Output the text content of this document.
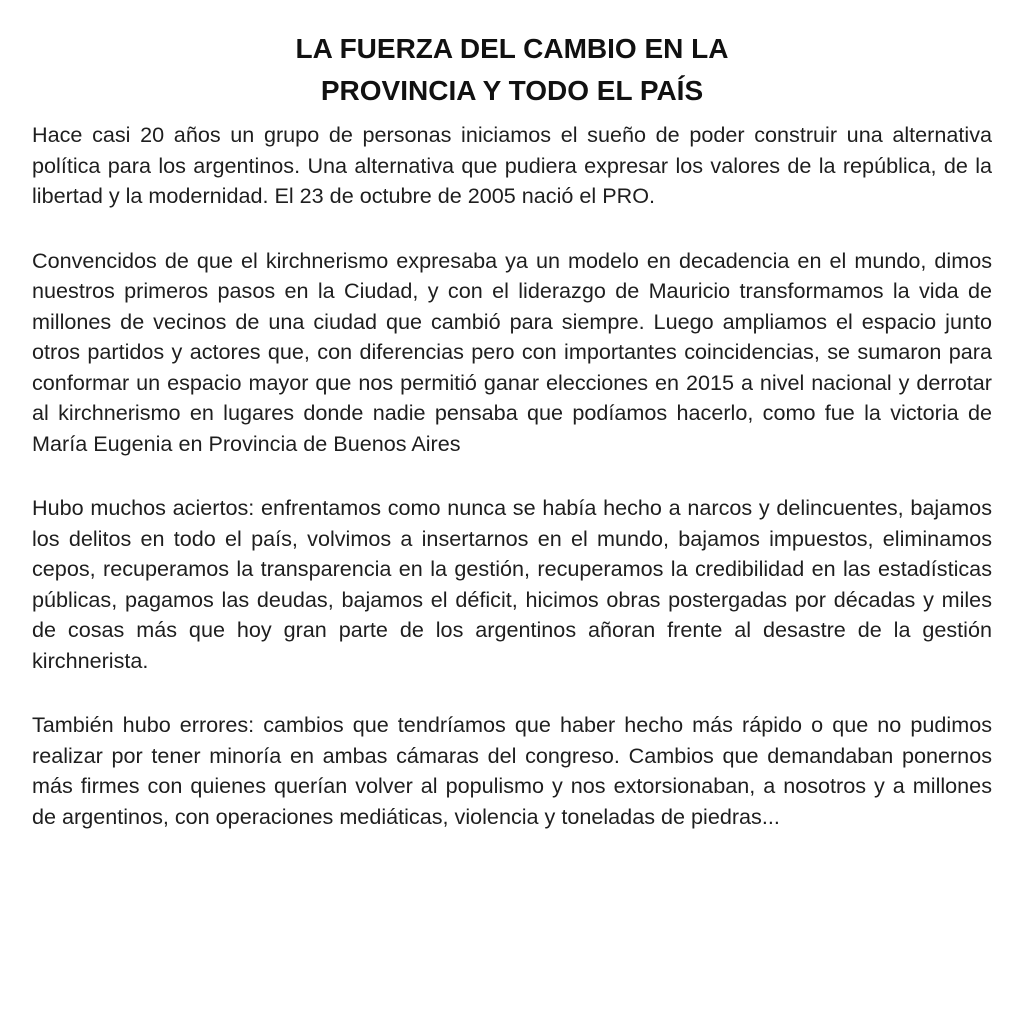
LA FUERZA DEL CAMBIO EN LA
PROVINCIA Y TODO EL PAÍS

Hace casi 20 años un grupo de personas iniciamos el sueño de poder construir una alternativa política para los argentinos. Una alternativa que pudiera expresar los valores de la república, de la libertad y la modernidad. El 23 de octubre de 2005 nació el PRO.

Convencidos de que el kirchnerismo expresaba ya un modelo en decadencia en el mundo, dimos nuestros primeros pasos en la Ciudad, y con el liderazgo de Mauricio transformamos la vida de millones de vecinos de una ciudad que cambió para siempre. Luego ampliamos el espacio junto otros partidos y actores que, con diferencias pero con importantes coincidencias, se sumaron para conformar un espacio mayor que nos permitió ganar elecciones en 2015 a nivel nacional y derrotar al kirchnerismo en lugares donde nadie pensaba que podíamos hacerlo, como fue la victoria de María Eugenia en Provincia de Buenos Aires

Hubo muchos aciertos: enfrentamos como nunca se había hecho a narcos y delincuentes, bajamos los delitos en todo el país, volvimos a insertarnos en el mundo, bajamos impuestos, eliminamos cepos, recuperamos la transparencia en la gestión, recuperamos la credibilidad en las estadísticas públicas, pagamos las deudas, bajamos el déficit, hicimos obras postergadas por décadas y miles de cosas más que hoy gran parte de los argentinos añoran frente al desastre de la gestión kirchnerista.

También hubo errores: cambios que tendríamos que haber hecho más rápido o que no pudimos realizar por tener minoría en ambas cámaras del congreso. Cambios que demandaban ponernos más firmes con quienes querían volver al populismo y nos extorsionaban, a nosotros y a millones de argentinos, con operaciones mediáticas, violencia y toneladas de piedras...
